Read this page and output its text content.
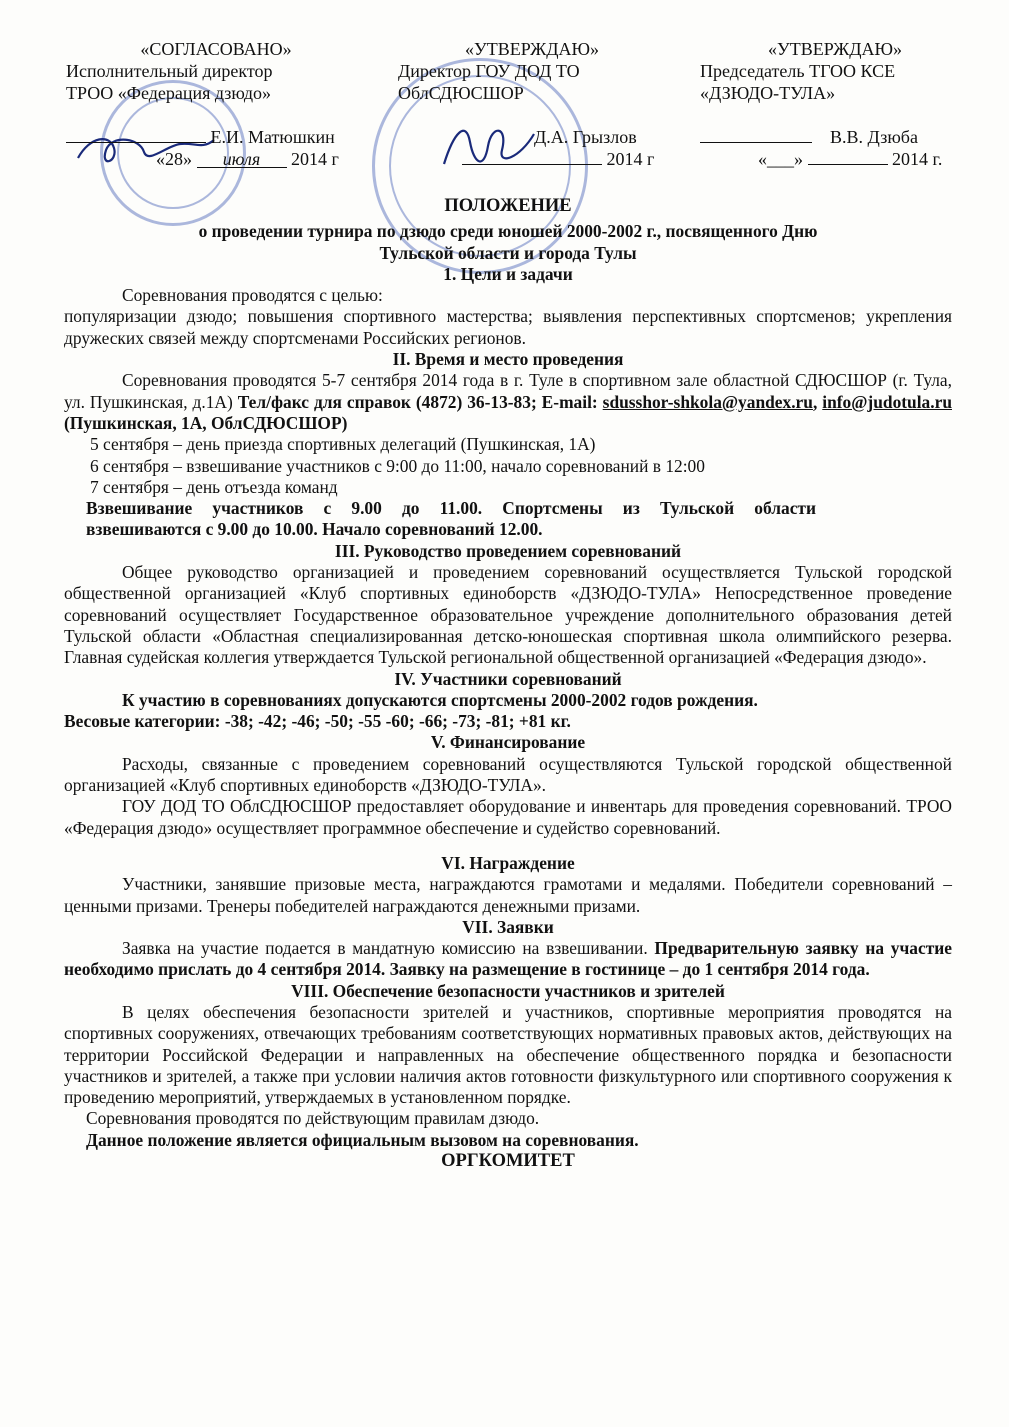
«СОГЛАСОВАНО»
Исполнительный директор
ТРОО «Федерация дзюдо»
Е.И. Матюшкин
«28» июля 2014 г
«УТВЕРЖДАЮ»
Директор ГОУ ДОД ТО
ОблСДЮСШОР
Д.А. Грызлов
2014 г
«УТВЕРЖДАЮ»
Председатель ТГОО КСЕ
«ДЗЮДО-ТУЛА»
В.В. Дзюба
«___»	2014 г.

ПОЛОЖЕНИЕ

о проведении турнира по дзюдо среди юношей 2000-2002 г., посвященного Дню

Тульской области и города Тулы

1. Цели и задачи

Соревнования проводятся с целью:

популяризации дзюдо; повышения спортивного мастерства; выявления перспективных спортсменов; укрепления дружеских связей между спортсменами Российских регионов.

II. Время и место проведения

Соревнования проводятся 5-7 сентября 2014 года в г. Туле в спортивном зале областной СДЮСШОР (г. Тула, ул. Пушкинская, д.1А) Тел/факс для справок (4872) 36-13-83; E-mail: sdusshor-shkola@yandex.ru, info@judotula.ru (Пушкинская, 1А, ОблСДЮСШОР)

5 сентября – день приезда спортивных делегаций (Пушкинская, 1А)

6 сентября – взвешивание участников с 9:00 до 11:00, начало соревнований в 12:00

7 сентября – день отъезда команд

Взвешивание участников с 9.00 до 11.00. Спортсмены из Тульской области

взвешиваются с 9.00 до 10.00. Начало соревнований 12.00.

III. Руководство проведением соревнований

Общее руководство организацией и проведением соревнований осуществляется Тульской городской общественной организацией «Клуб спортивных единоборств «ДЗЮДО-ТУЛА» Непосредственное проведение соревнований осуществляет Государственное образовательное учреждение дополнительного образования детей Тульской области «Областная специализированная детско-юношеская спортивная школа олимпийского резерва. Главная судейская коллегия утверждается Тульской региональной общественной организацией «Федерация дзюдо».

IV. Участники соревнований

К участию в соревнованиях допускаются спортсмены 2000-2002 годов рождения.

Весовые категории: -38; -42; -46; -50; -55 -60; -66; -73; -81; +81 кг.

V. Финансирование

Расходы, связанные с проведением соревнований осуществляются Тульской городской общественной организацией «Клуб спортивных единоборств «ДЗЮДО-ТУЛА».

ГОУ ДОД ТО ОблСДЮСШОР предоставляет оборудование и инвентарь для проведения соревнований. ТРОО «Федерация дзюдо» осуществляет программное обеспечение и судейство соревнований.

VI. Награждение

Участники, занявшие призовые места, награждаются грамотами и медалями. Победители соревнований – ценными призами. Тренеры победителей награждаются денежными призами.

VII. Заявки

Заявка на участие подается в мандатную комиссию на взвешивании. Предварительную заявку на участие необходимо прислать до 4 сентября 2014. Заявку на размещение в гостинице – до 1 сентября 2014 года.

VIII. Обеспечение безопасности участников и зрителей

В целях обеспечения безопасности зрителей и участников, спортивные мероприятия проводятся на спортивных сооружениях, отвечающих требованиям соответствующих нормативных правовых актов, действующих на территории Российской Федерации и направленных на обеспечение общественного порядка и безопасности участников и зрителей, а также при условии наличия актов готовности физкультурного или спортивного сооружения к проведению мероприятий, утверждаемых в установленном порядке.

Соревнования проводятся по действующим правилам дзюдо.

Данное положение является официальным вызовом на соревнования.

ОРГКОМИТЕТ
